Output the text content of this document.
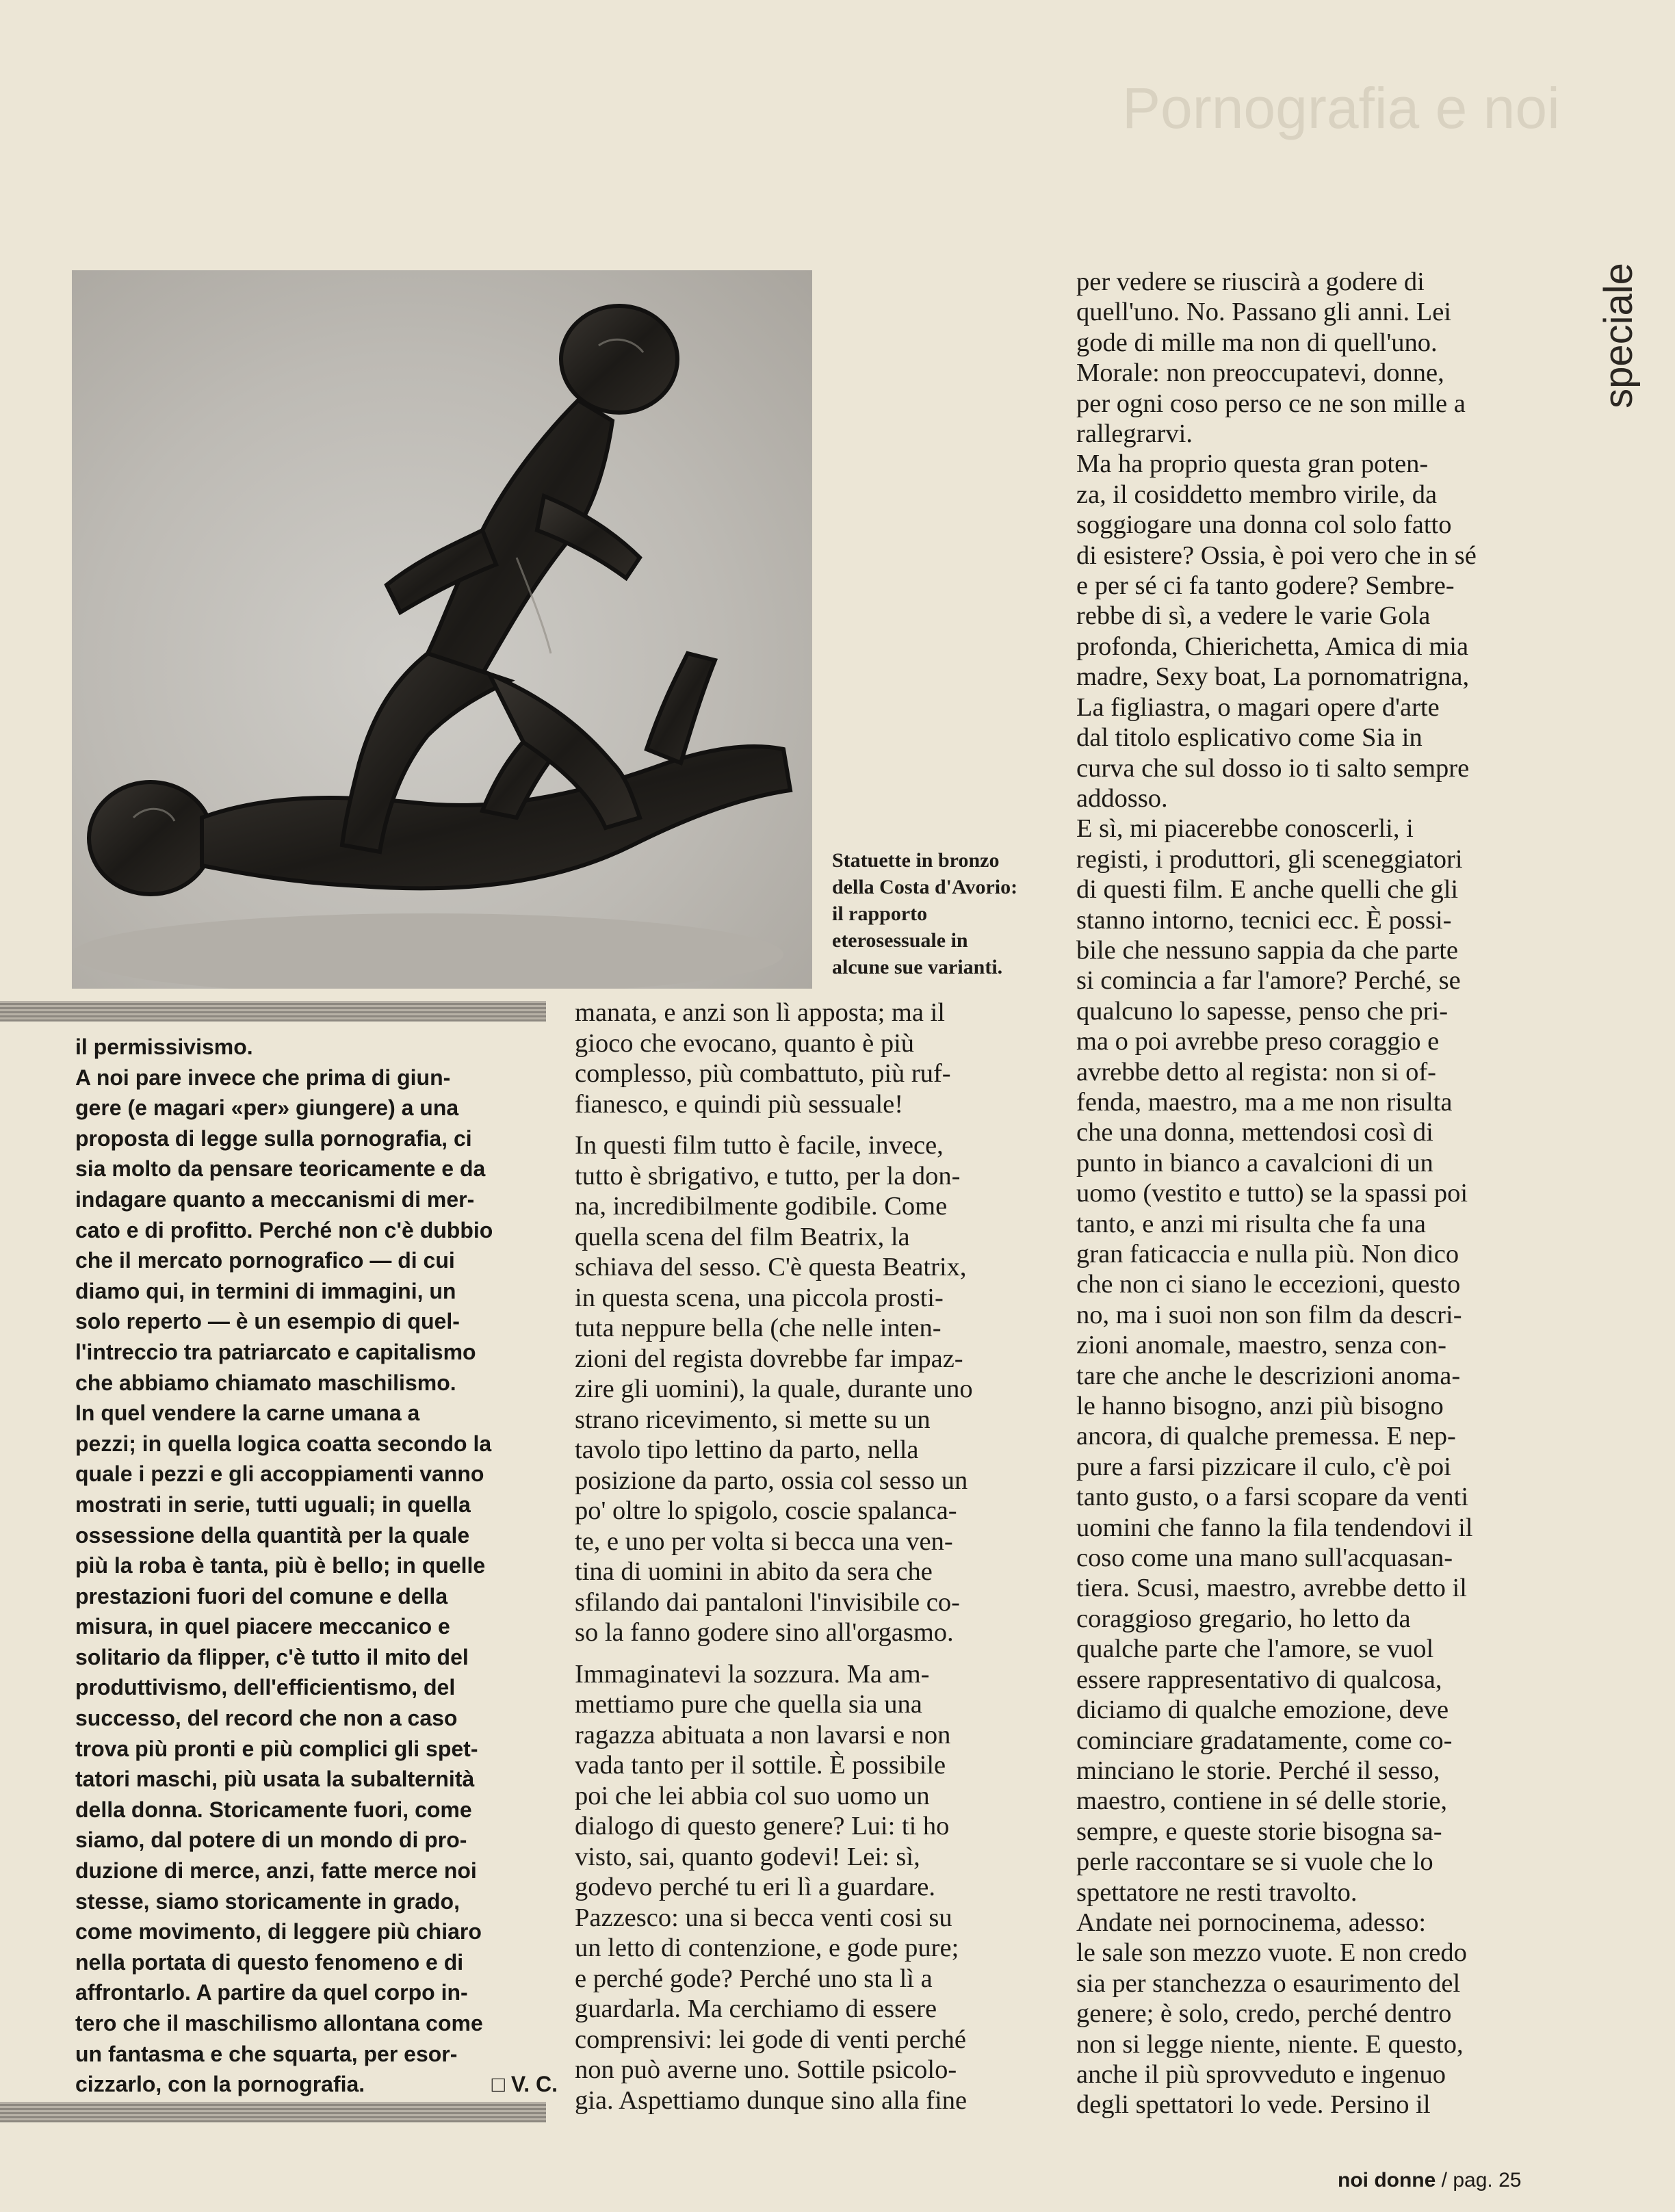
Pornografia e noi
speciale
Statuette in bronzo
della Costa d'Avorio:
il rapporto
eterosessuale in
alcune sue varianti.

il permissivismo.

A noi pare invece che prima di giun-
gere (e magari «per» giungere) a una
proposta di legge sulla pornografia, ci
sia molto da pensare teoricamente e da
indagare quanto a meccanismi di mer-
cato e di profitto. Perché non c'è dubbio
che il mercato pornografico — di cui
diamo qui, in termini di immagini, un
solo reperto — è un esempio di quel-
l'intreccio tra patriarcato e capitalismo
che abbiamo chiamato maschilismo.

In quel vendere la carne umana a
pezzi; in quella logica coatta secondo la
quale i pezzi e gli accoppiamenti vanno
mostrati in serie, tutti uguali; in quella
ossessione della quantità per la quale
più la roba è tanta, più è bello; in quelle
prestazioni fuori del comune e della
misura, in quel piacere meccanico e
solitario da flipper, c'è tutto il mito del
produttivismo, dell'efficientismo, del
successo, del record che non a caso
trova più pronti e più complici gli spet-
tatori maschi, più usata la subalternità
della donna. Storicamente fuori, come
siamo, dal potere di un mondo di pro-
duzione di merce, anzi, fatte merce noi
stesse, siamo storicamente in grado,
come movimento, di leggere più chiaro
nella portata di questo fenomeno e di
affrontarlo. A partire da quel corpo in-
tero che il maschilismo allontana come
un fantasma e che squarta, per esor-
cizzarlo, con la pornografia.	□ V. C.

manata, e anzi son lì apposta; ma il
gioco che evocano, quanto è più
complesso, più combattuto, più ruf-
fianesco, e quindi più sessuale!

In questi film tutto è facile, invece,
tutto è sbrigativo, e tutto, per la don-
na, incredibilmente godibile. Come
quella scena del film Beatrix, la
schiava del sesso. C'è questa Beatrix,
in questa scena, una piccola prosti-
tuta neppure bella (che nelle inten-
zioni del regista dovrebbe far impaz-
zire gli uomini), la quale, durante uno
strano ricevimento, si mette su un
tavolo tipo lettino da parto, nella
posizione da parto, ossia col sesso un
po' oltre lo spigolo, coscie spalanca-
te, e uno per volta si becca una ven-
tina di uomini in abito da sera che
sfilando dai pantaloni l'invisibile co-
so la fanno godere sino all'orgasmo.

Immaginatevi la sozzura. Ma am-
mettiamo pure che quella sia una
ragazza abituata a non lavarsi e non
vada tanto per il sottile. È possibile
poi che lei abbia col suo uomo un
dialogo di questo genere? Lui: ti ho
visto, sai, quanto godevi! Lei: sì,
godevo perché tu eri lì a guardare.
Pazzesco: una si becca venti cosi su
un letto di contenzione, e gode pure;
e perché gode? Perché uno sta lì a
guardarla. Ma cerchiamo di essere
comprensivi: lei gode di venti perché
non può averne uno. Sottile psicolo-
gia. Aspettiamo dunque sino alla fine

per vedere se riuscirà a godere di
quell'uno. No. Passano gli anni. Lei
gode di mille ma non di quell'uno.
Morale: non preoccupatevi, donne,
per ogni coso perso ce ne son mille a
rallegrarvi.

Ma ha proprio questa gran poten-
za, il cosiddetto membro virile, da
soggiogare una donna col solo fatto
di esistere? Ossia, è poi vero che in sé
e per sé ci fa tanto godere? Sembre-
rebbe di sì, a vedere le varie Gola
profonda, Chierichetta, Amica di mia
madre, Sexy boat, La pornomatrigna,
La figliastra, o magari opere d'arte
dal titolo esplicativo come Sia in
curva che sul dosso io ti salto sempre
addosso.

E sì, mi piacerebbe conoscerli, i
registi, i produttori, gli sceneggiatori
di questi film. E anche quelli che gli
stanno intorno, tecnici ecc. È possi-
bile che nessuno sappia da che parte
si comincia a far l'amore? Perché, se
qualcuno lo sapesse, penso che pri-
ma o poi avrebbe preso coraggio e
avrebbe detto al regista: non si of-
fenda, maestro, ma a me non risulta
che una donna, mettendosi così di
punto in bianco a cavalcioni di un
uomo (vestito e tutto) se la spassi poi
tanto, e anzi mi risulta che fa una
gran faticaccia e nulla più. Non dico
che non ci siano le eccezioni, questo
no, ma i suoi non son film da descri-
zioni anomale, maestro, senza con-
tare che anche le descrizioni anoma-
le hanno bisogno, anzi più bisogno
ancora, di qualche premessa. E nep-
pure a farsi pizzicare il culo, c'è poi
tanto gusto, o a farsi scopare da venti
uomini che fanno la fila tendendovi il
coso come una mano sull'acquasan-
tiera. Scusi, maestro, avrebbe detto il
coraggioso gregario, ho letto da
qualche parte che l'amore, se vuol
essere rappresentativo di qualcosa,
diciamo di qualche emozione, deve
cominciare gradatamente, come co-
minciano le storie. Perché il sesso,
maestro, contiene in sé delle storie,
sempre, e queste storie bisogna sa-
perle raccontare se si vuole che lo
spettatore ne resti travolto.

Andate nei pornocinema, adesso:
le sale son mezzo vuote. E non credo
sia per stanchezza o esaurimento del
genere; è solo, credo, perché dentro
non si legge niente, niente. E questo,
anche il più sprovveduto e ingenuo
degli spettatori lo vede. Persino il

noi donne / pag. 25
